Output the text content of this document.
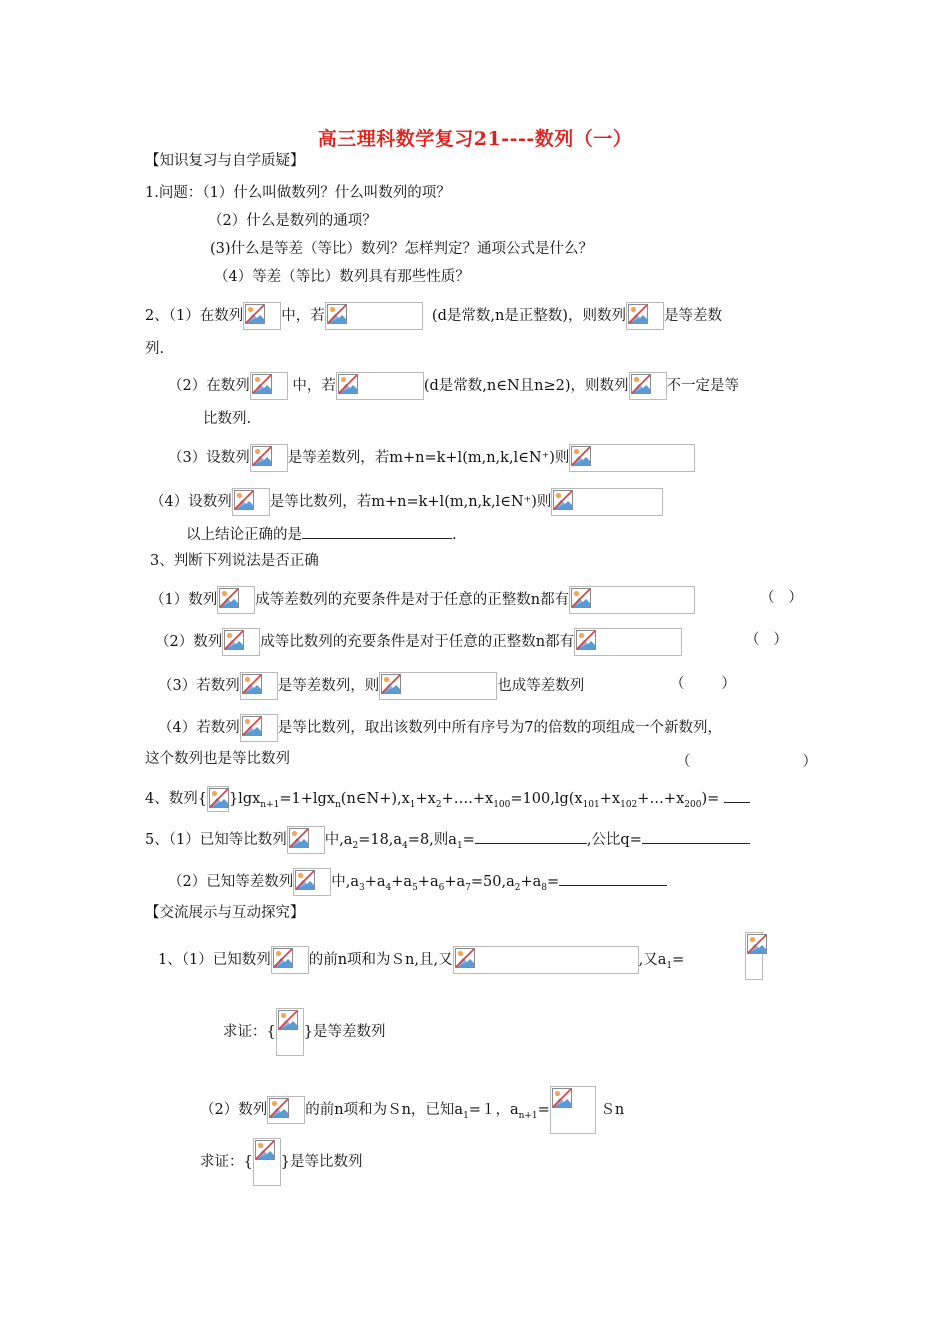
高三理科数学复习21----数列（一）
【知识复习与自学质疑】
1.问题：（1）什么叫做数列？什么叫数列的项？
（2）什么是数列的通项？
(3)什么是等差（等比）数列？怎样判定？通项公式是什么？
（4）等差（等比）数列具有那些性质？
2、（1）在数列	中，若	(d是常数,n是正整数)，则数列	是等差数
列.
（2）在数列	中，若	(d是常数,n∈N且n≥2)，则数列	不一定是等
比数列.
（3）设数列	是等差数列，若m+n=k+l(m,n,k,l∈N⁺)则
（4）设数列	是等比数列，若m+n=k+l(m,n,k,l∈N⁺)则
以上结论正确的是	.
3、判断下列说法是否正确
（1）数列	成等差数列的充要条件是对于任意的正整数n都有	（ ）
（2）数列	成等比数列的充要条件是对于任意的正整数n都有	（ ）
（3）若数列	是等差数列，则	也成等差数列	（	）
（4）若数列	是等比数列，取出该数列中所有序号为7的倍数的项组成一个新数列，
这个数列也是等比数列	（	）
4、数列{ }$\lg x_{n+1}=1+\lg x_n(n\in N+),x_1+x_2+\dots.+x_{100}=100,\lg(x_{101}+x_{102}+\dots+x_{200})=$
5、（1）已知等比数列	中$,a_2=18,a_4=8$,则$a_1=$	,公比q=
（2）已知等差数列	中$,a_3+a_4+a_5+a_6+a_7=50,a_2+a_8=$
【交流展示与互动探究】
1、（1）已知数列	的前n项和为Ｓn,且,又	,又$a_1=$
求证：{ }是等差数列
（2）数列	的前n项和为Ｓn，已知$a_1=1$，$a_{n+1}=$	Ｓn
求证：{ }是等比数列
